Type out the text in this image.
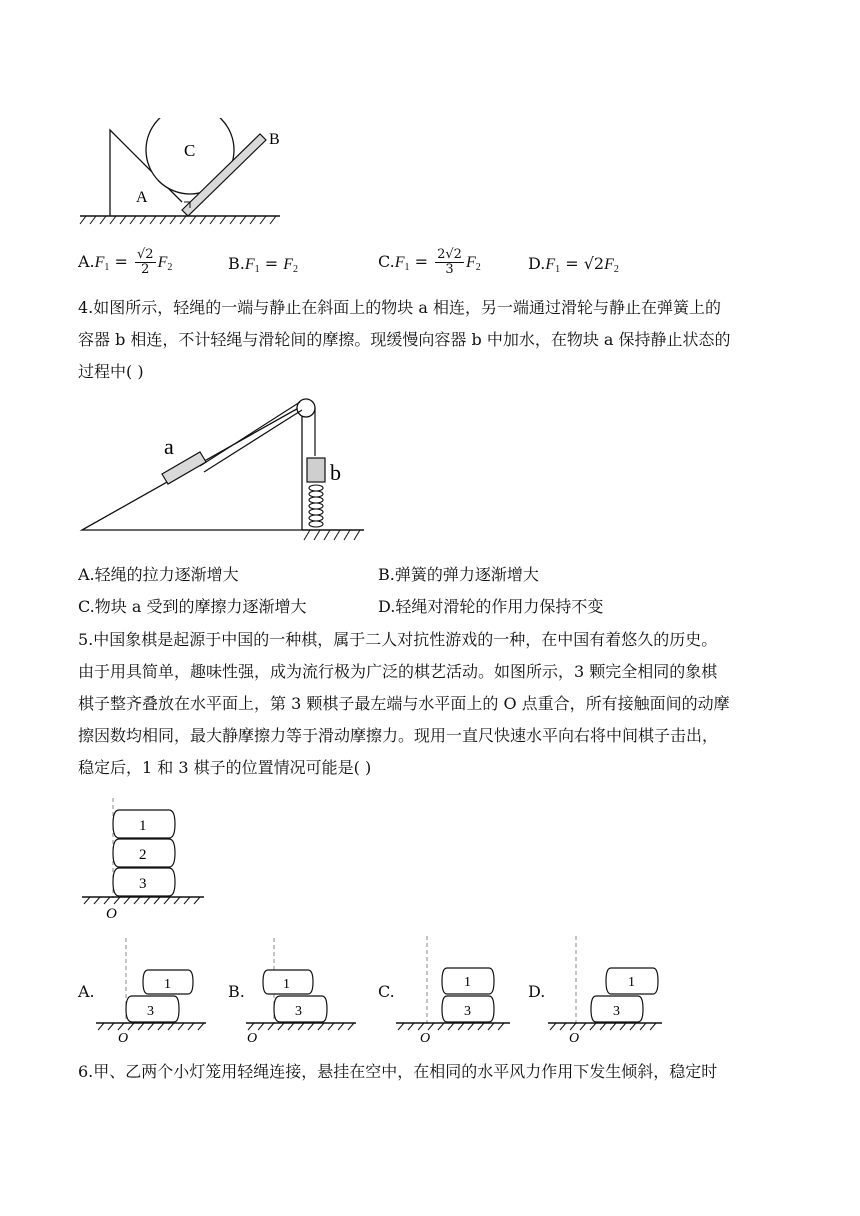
C
B
A
$A.F_1 = \frac{√2}{2} F_2$	$B.F_1 = F_2$	$C.F_1 = \frac{2√2}{3} F_2$	$D.F_1 = √2F_2$
4.如图所示，轻绳的一端与静止在斜面上的物块 a 相连，另一端通过滑轮与静止在弹簧上的
容器 b 相连，不计轻绳与滑轮间的摩擦。现缓慢向容器 b 中加水，在物块 a 保持静止状态的
过程中( )
a
b
A.轻绳的拉力逐渐增大	B.弹簧的弹力逐渐增大
C.物块 a 受到的摩擦力逐渐增大	D.轻绳对滑轮的作用力保持不变
5.中国象棋是起源于中国的一种棋，属于二人对抗性游戏的一种，在中国有着悠久的历史。
由于用具简单，趣味性强，成为流行极为广泛的棋艺活动。如图所示，3 颗完全相同的象棋
棋子整齐叠放在水平面上，第 3 颗棋子最左端与水平面上的 O 点重合，所有接触面间的动摩
擦因数均相同，最大静摩擦力等于滑动摩擦力。现用一直尺快速水平向右将中间棋子击出，
稳定后，1 和 3 棋子的位置情况可能是( )
1
2
3
O
A.	1
3
O
B.	1
3
O
C.	1
3
O
D.	1
3
O
6.甲、乙两个小灯笼用轻绳连接，悬挂在空中，在相同的水平风力作用下发生倾斜，稳定时
